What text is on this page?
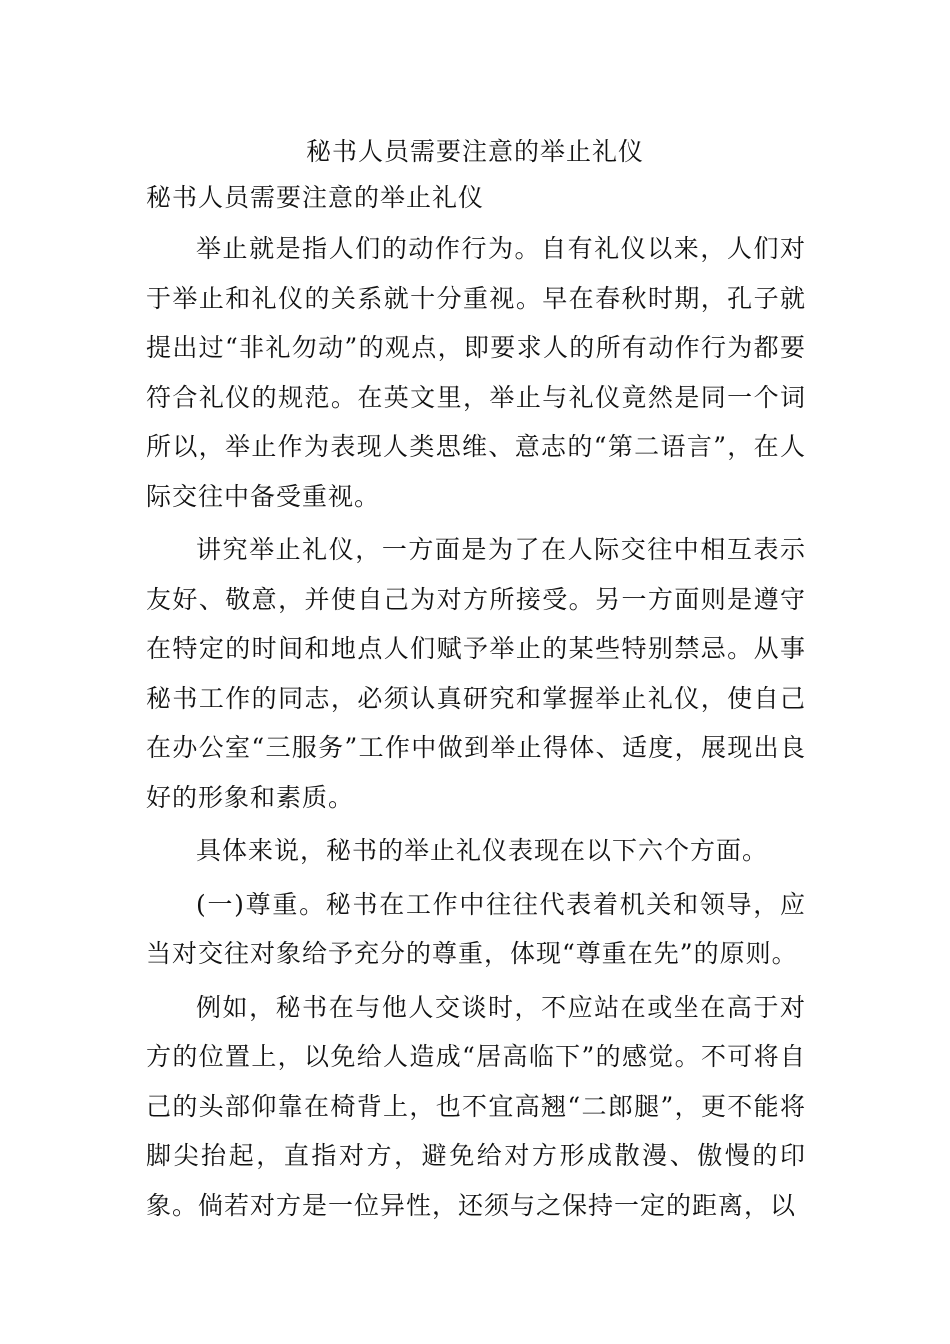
秘书人员需要注意的举止礼仪

秘书人员需要注意的举止礼仪

举止就是指人们的动作行为。自有礼仪以来，人们对于举止和礼仪的关系就十分重视。早在春秋时期，孔子就提出过“非礼勿动”的观点，即要求人的所有动作行为都要符合礼仪的规范。在英文里，举止与礼仪竟然是同一个词所以，举止作为表现人类思维、意志的“第二语言”，在人际交往中备受重视。

讲究举止礼仪，一方面是为了在人际交往中相互表示友好、敬意，并使自己为对方所接受。另一方面则是遵守在特定的时间和地点人们赋予举止的某些特别禁忌。从事秘书工作的同志，必须认真研究和掌握举止礼仪，使自己在办公室“三服务”工作中做到举止得体、适度，展现出良好的形象和素质。

具体来说，秘书的举止礼仪表现在以下六个方面。

(一)尊重。秘书在工作中往往代表着机关和领导，应当对交往对象给予充分的尊重，体现“尊重在先”的原则。

例如，秘书在与他人交谈时，不应站在或坐在高于对方的位置上，以免给人造成“居高临下”的感觉。不可将自己的头部仰靠在椅背上，也不宜高翘“二郎腿”，更不能将脚尖抬起，直指对方，避免给对方形成散漫、傲慢的印象。倘若对方是一位异性，还须与之保持一定的距离，以
